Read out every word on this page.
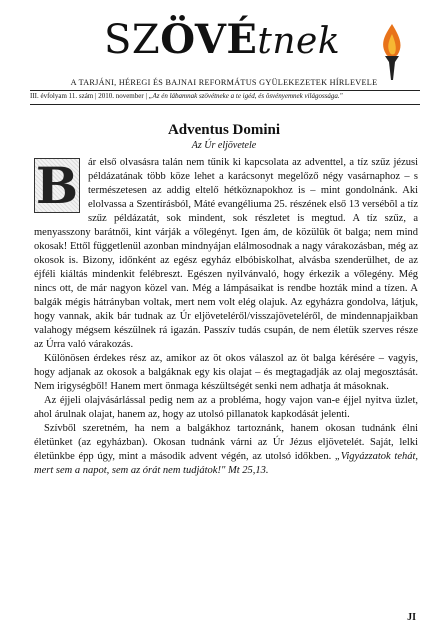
SZÖVÉtnek
A TARJÁNI, HÉREGI ÉS BAJNAI REFORMÁTUS GYÜLEKEZETEK HÍRLEVELE
III. évfolyam 11. szám | 2010. november | „Az én lábamnak szövétneke a te igéd, és ösvényemnek világossága."
Adventus Domini
Az Úr eljövetele

B ár első olvasásra talán nem tűnik ki kapcsolata az adventtel, a tíz szűz jézusi példázatának több köze lehet a karácsonyt megelőző négy vasárnaphoz – s természetesen az addig eltelő hétköznapokhoz is – mint gondolnánk. Aki elolvassa a Szentírásból, Máté evangéliuma 25. részének első 13 versébõl a tíz szűz példázatát, sok mindent, sok részletet is megtud. A tíz szűz, a menyasszony barátnői, kint várják a vőlegényt. Igen ám, de közülük öt balga; nem mind okosak! Ettől függetlenül azonban mindnyájan elálmosodnak a nagy várakozásban, még az okosok is. Bizony, időnként az egész egyház elbóbiskolhat, alvásba szenderülhet, de az éjféli kiáltás mindenkit felébreszt. Egészen nyilvánvaló, hogy érkezik a vőlegény. Még nincs ott, de már nagyon közel van. Még a lámpásaikat is rendbe hozták mind a tízen. A balgák mégis hátrányban voltak, mert nem volt elég olajuk. Az egyházra gondolva, látjuk, hogy vannak, akik bár tudnak az Úr eljöveteléről/visszajöveteléről, de mindennapjaikban valahogy mégsem készülnek rá igazán. Passzív tudás csupán, de nem életük szerves része az Úrra való várakozás.

Különösen érdekes rész az, amikor az öt okos válaszol az öt balga kérésére – vagyis, hogy adjanak az okosok a balgáknak egy kis olajat – és megtagadják az olaj megosztását. Nem irigységből! Hanem mert önmaga készültségét senki nem adhatja át másoknak.

Az éjjeli olajvásárlással pedig nem az a probléma, hogy vajon van-e éjjel nyitva üzlet, ahol árulnak olajat, hanem az, hogy az utolsó pillanatok kapkodását jelenti.

Szívből szeretném, ha nem a balgákhoz tartoznánk, hanem okosan tudnánk élni életünket (az egyházban). Okosan tudnánk várni az Úr Jézus eljövetelét. Saját, lelki életünkbe épp úgy, mint a második advent végén, az utolsó időkben. „Vigyázzatok tehát, mert sem a napot, sem az órát nem tudjátok!" Mt 25,13.

JI
